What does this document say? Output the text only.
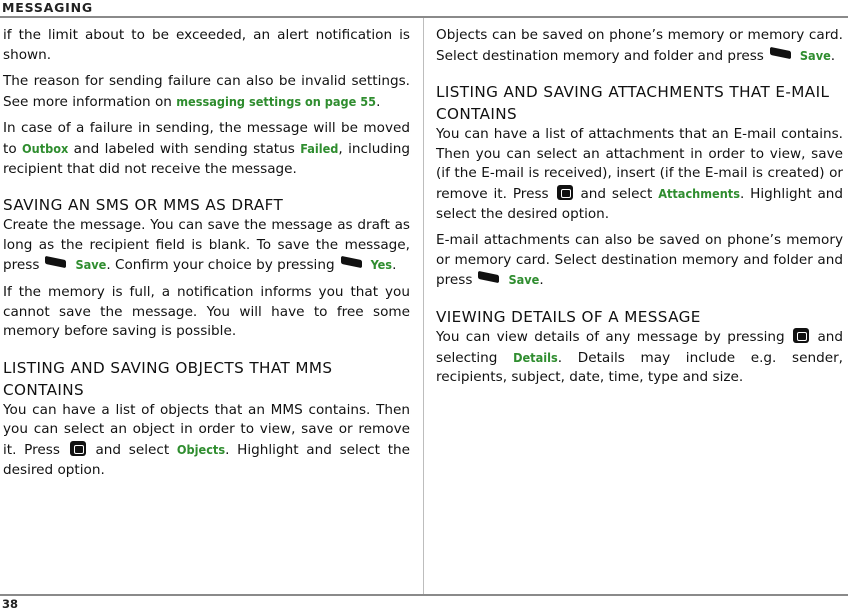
MESSAGING

if the limit about to be exceeded, an alert notification is shown.

The reason for sending failure can also be invalid settings. See more information on messaging settings on page 55.

In case of a failure in sending, the message will be moved to Outbox and labeled with sending status Failed, including recipient that did not receive the message.

SAVING AN SMS OR MMS AS DRAFT

Create the message. You can save the message as draft as long as the recipient field is blank. To save the message, press	Save. Confirm your choice by pressing	Yes.

If the memory is full, a notification informs you that you cannot save the message. You will have to free some memory before saving is possible.

LISTING AND SAVING OBJECTS THAT MMS CONTAINS

You can have a list of objects that an MMS contains. Then you can select an object in order to view, save or remove it. Press	and select Objects. Highlight and select the desired option.

Objects can be saved on phone’s memory or memory card. Select destination memory and folder and press	Save.

LISTING AND SAVING ATTACHMENTS THAT E-MAIL CONTAINS

You can have a list of attachments that an E-mail contains. Then you can select an attachment in order to view, save (if the E-mail is received), insert (if the E-mail is created) or remove it. Press and select Attachments. Highlight and select the desired option.

E-mail attachments can also be saved on phone’s memory or memory card. Select destination memory and folder and press	Save.

VIEWING DETAILS OF A MESSAGE

You can view details of any message by pressing and selecting Details. Details may include e.g. sender, recipients, subject, date, time, type and size.

38
